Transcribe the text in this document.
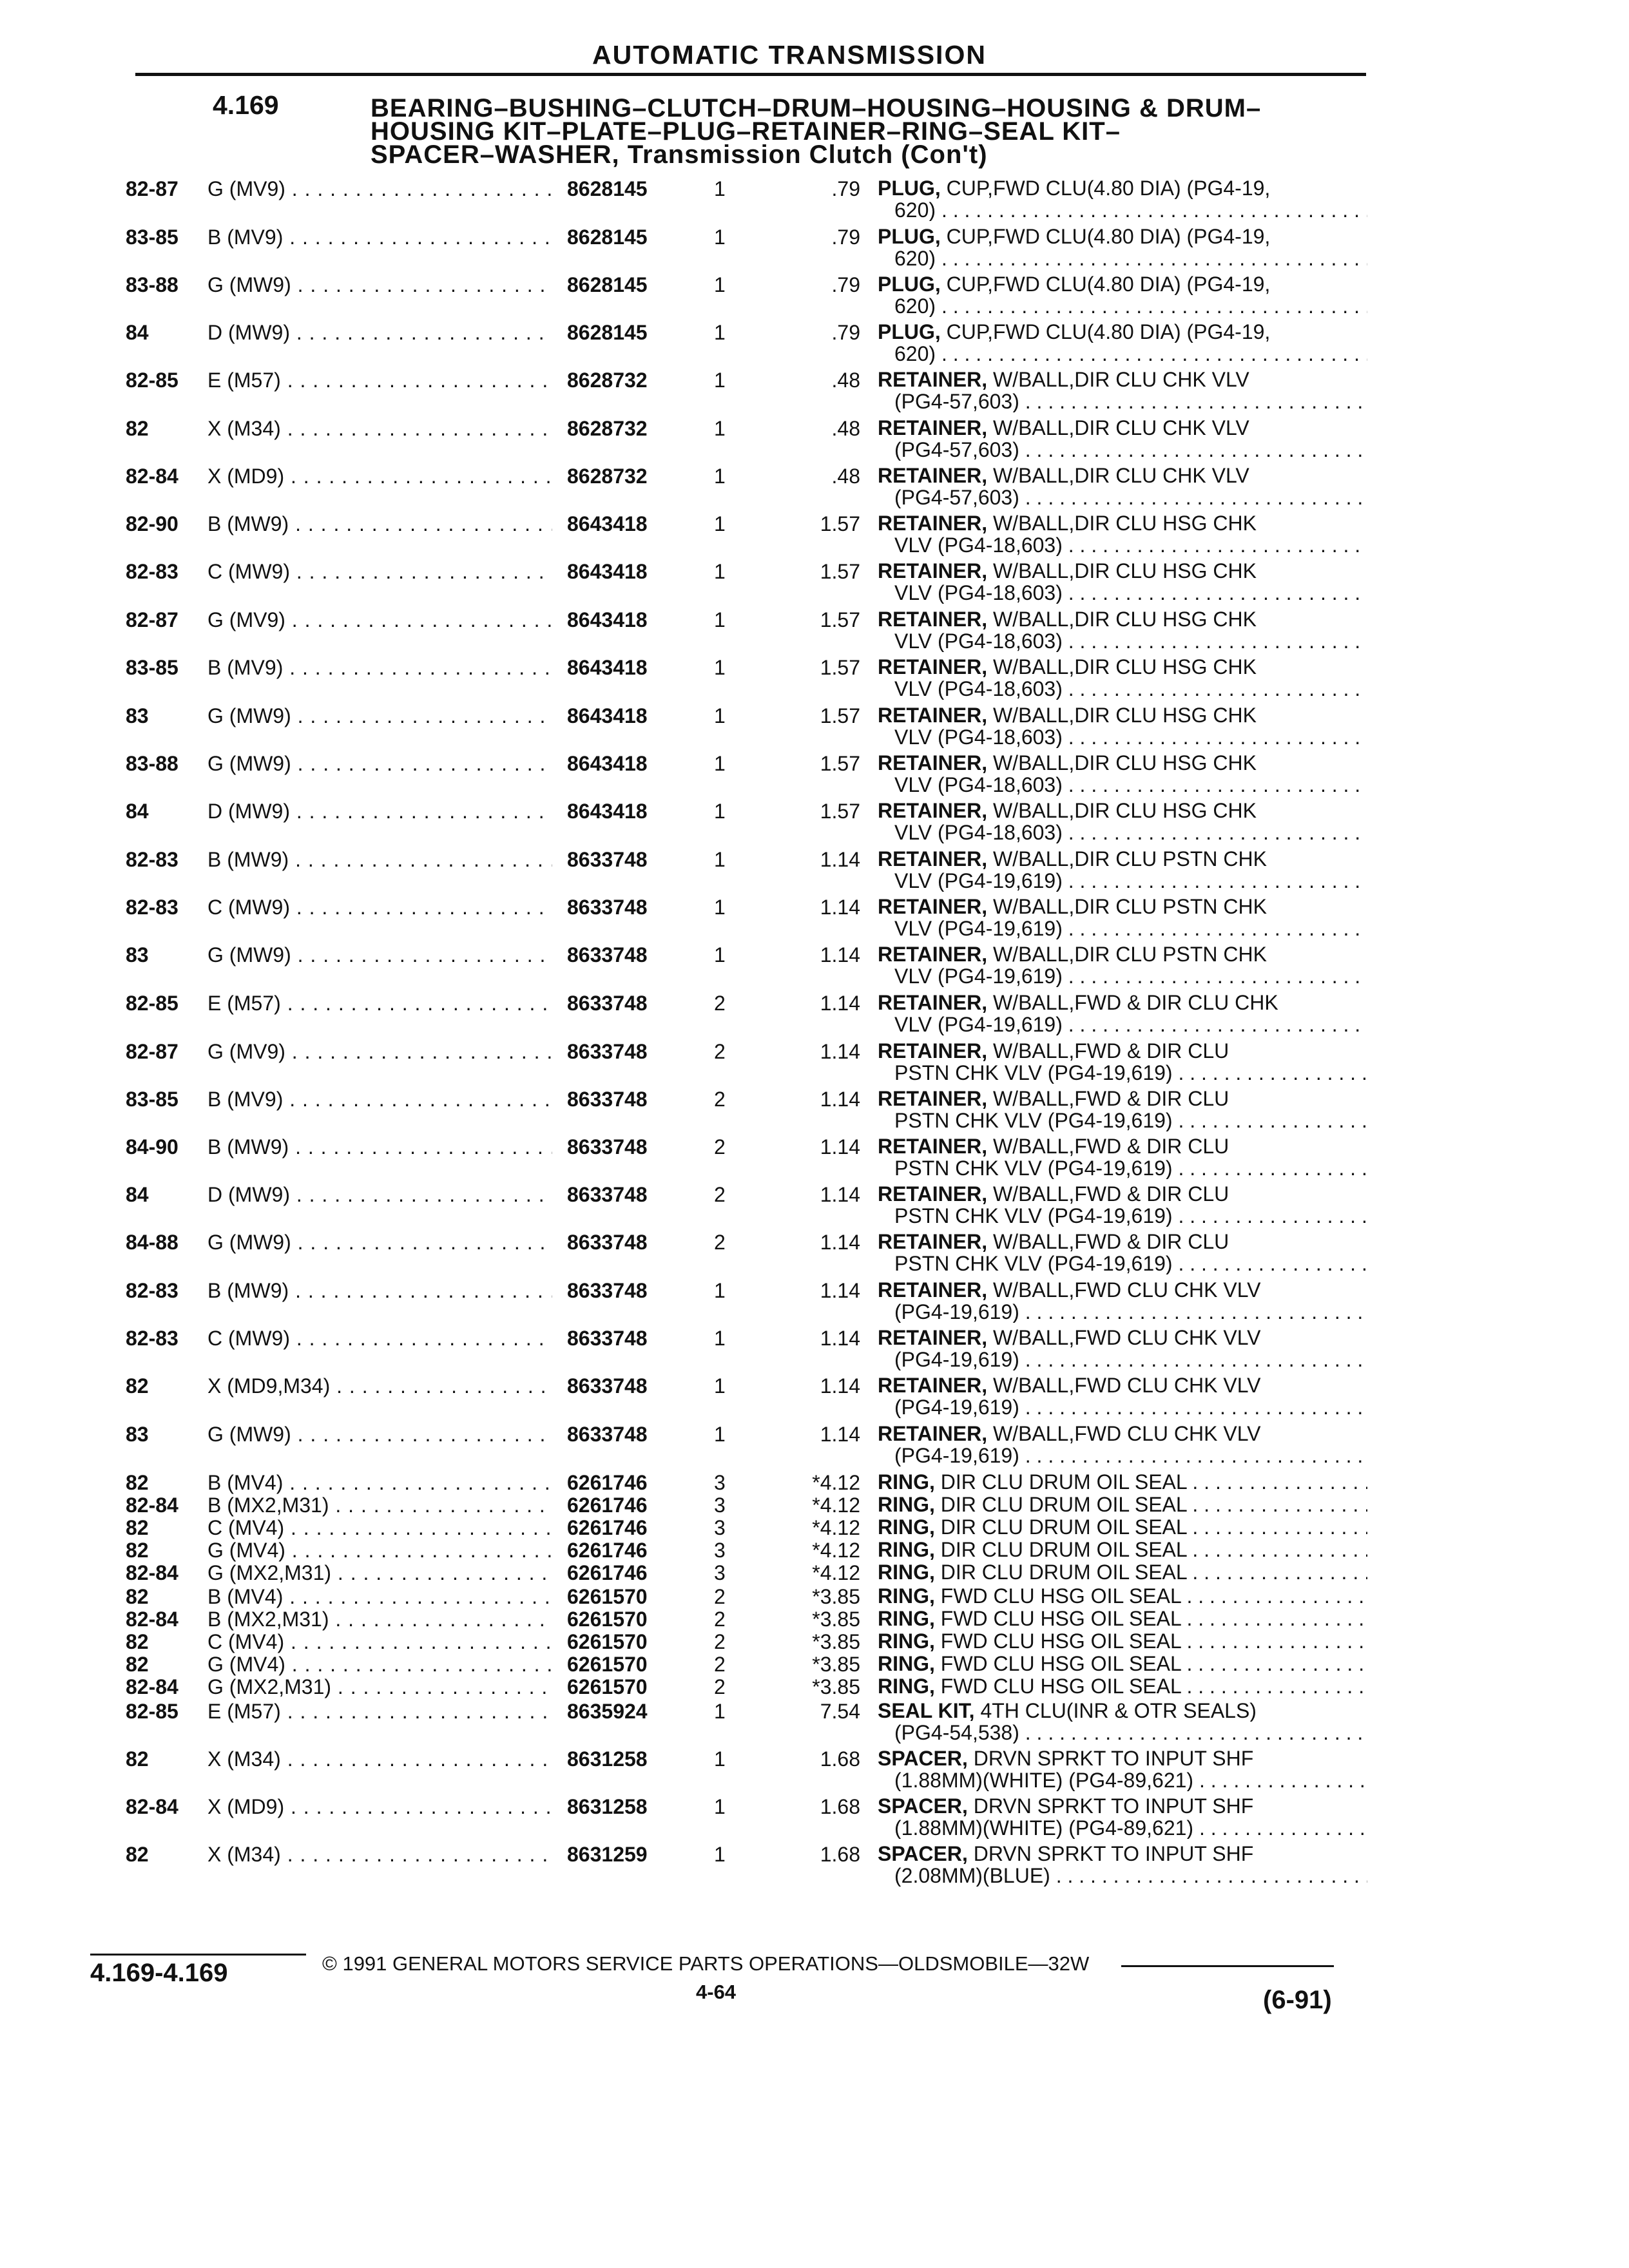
AUTOMATIC TRANSMISSION
4.169	BEARING–BUSHING–CLUTCH–DRUM–HOUSING–HOUSING & DRUM–
HOUSING KIT–PLATE–PLUG–RETAINER–RING–SEAL KIT–
SPACER–WASHER, Transmission Clutch (Con't)
82-87 G (MV9) . . .	8628145	1	.79 PLUG, CUP,FWD CLU(4.80 DIA) (PG4-19,
620) . . .
83-85 B (MV9) . . .	8628145	1	.79 PLUG, CUP,FWD CLU(4.80 DIA) (PG4-19,
620) . . .
83-88 G (MW9) . . .	8628145	1	.79 PLUG, CUP,FWD CLU(4.80 DIA) (PG4-19,
620) . . .
84	D (MW9) . . .	8628145	1	.79 PLUG, CUP,FWD CLU(4.80 DIA) (PG4-19,
620) . . .
82-85 E (M57) . . .	8628732	1	.48 RETAINER, W/BALL,DIR CLU CHK VLV
(PG4-57,603) . . .
82	X (M34) . . .	8628732	1	.48 RETAINER, W/BALL,DIR CLU CHK VLV
(PG4-57,603) . . .
82-84 X (MD9) . . .	8628732	1	.48 RETAINER, W/BALL,DIR CLU CHK VLV
(PG4-57,603) . . .
82-90 B (MW9) . . .	8643418	1	1.57 RETAINER, W/BALL,DIR CLU HSG CHK
VLV (PG4-18,603) . . .
82-83 C (MW9) . . .	8643418	1	1.57 RETAINER, W/BALL,DIR CLU HSG CHK
VLV (PG4-18,603) . . .
82-87 G (MV9) . . .	8643418	1	1.57 RETAINER, W/BALL,DIR CLU HSG CHK
VLV (PG4-18,603) . . .
83-85 B (MV9) . . .	8643418	1	1.57 RETAINER, W/BALL,DIR CLU HSG CHK
VLV (PG4-18,603) . . .
83	G (MW9) . . .	8643418	1	1.57 RETAINER, W/BALL,DIR CLU HSG CHK
VLV (PG4-18,603) . . .
83-88 G (MW9) . . .	8643418	1	1.57 RETAINER, W/BALL,DIR CLU HSG CHK
VLV (PG4-18,603) . . .
84	D (MW9) . . .	8643418	1	1.57 RETAINER, W/BALL,DIR CLU HSG CHK
VLV (PG4-18,603) . . .
82-83 B (MW9) . . .	8633748	1	1.14 RETAINER, W/BALL,DIR CLU PSTN CHK
VLV (PG4-19,619) . . .
82-83 C (MW9) . . .	8633748	1	1.14 RETAINER, W/BALL,DIR CLU PSTN CHK
VLV (PG4-19,619) . . .
83	G (MW9) . . .	8633748	1	1.14 RETAINER, W/BALL,DIR CLU PSTN CHK
VLV (PG4-19,619) . . .
82-85 E (M57) . . .	8633748	2	1.14 RETAINER, W/BALL,FWD & DIR CLU CHK
VLV (PG4-19,619) . . .
82-87 G (MV9) . . .	8633748	2	1.14 RETAINER, W/BALL,FWD & DIR CLU
PSTN CHK VLV (PG4-19,619) . . .
83-85 B (MV9) . . .	8633748	2	1.14 RETAINER, W/BALL,FWD & DIR CLU
PSTN CHK VLV (PG4-19,619) . . .
84-90 B (MW9) . . .	8633748	2	1.14 RETAINER, W/BALL,FWD & DIR CLU
PSTN CHK VLV (PG4-19,619) . . .
84	D (MW9) . . .	8633748	2	1.14 RETAINER, W/BALL,FWD & DIR CLU
PSTN CHK VLV (PG4-19,619) . . .
84-88 G (MW9) . . .	8633748	2	1.14 RETAINER, W/BALL,FWD & DIR CLU
PSTN CHK VLV (PG4-19,619) . . .
82-83 B (MW9) . . .	8633748	1	1.14 RETAINER, W/BALL,FWD CLU CHK VLV
(PG4-19,619) . . .
82-83 C (MW9) . . .	8633748	1	1.14 RETAINER, W/BALL,FWD CLU CHK VLV
(PG4-19,619) . . .
82	X (MD9,M34) . . .	8633748	1	1.14 RETAINER, W/BALL,FWD CLU CHK VLV
(PG4-19,619) . . .
83	G (MW9) . . .	8633748	1	1.14 RETAINER, W/BALL,FWD CLU CHK VLV
(PG4-19,619) . . .
82	B (MV4) . . .	6261746	3	*4.12 RING, DIR CLU DRUM OIL SEAL . . .
82-84 B (MX2,M31) . . .	6261746	3	*4.12 RING, DIR CLU DRUM OIL SEAL . . .
82	C (MV4) . . .	6261746	3	*4.12 RING, DIR CLU DRUM OIL SEAL . . .
82	G (MV4) . . .	6261746	3	*4.12 RING, DIR CLU DRUM OIL SEAL . . .
82-84 G (MX2,M31) . . .	6261746	3	*4.12 RING, DIR CLU DRUM OIL SEAL . . .
82	B (MV4) . . .	6261570	2	*3.85 RING, FWD CLU HSG OIL SEAL . . .
82-84 B (MX2,M31) . . .	6261570	2	*3.85 RING, FWD CLU HSG OIL SEAL . . .
82	C (MV4) . . .	6261570	2	*3.85 RING, FWD CLU HSG OIL SEAL . . .
82	G (MV4) . . .	6261570	2	*3.85 RING, FWD CLU HSG OIL SEAL . . .
82-84 G (MX2,M31) . . .	6261570	2	*3.85 RING, FWD CLU HSG OIL SEAL . . .
82-85 E (M57) . . .	8635924	1	7.54 SEAL KIT, 4TH CLU(INR & OTR SEALS)
(PG4-54,538) . . .
82	X (M34) . . .	8631258	1	1.68 SPACER, DRVN SPRKT TO INPUT SHF
(1.88MM)(WHITE) (PG4-89,621) . . .
82-84 X (MD9) . . .	8631258	1	1.68 SPACER, DRVN SPRKT TO INPUT SHF
(1.88MM)(WHITE) (PG4-89,621) . . .
82	X (M34) . . .	8631259	1	1.68 SPACER, DRVN SPRKT TO INPUT SHF
(2.08MM)(BLUE) . . .
4.169-4.169	© 1991 GENERAL MOTORS SERVICE PARTS OPERATIONS—OLDSMOBILE—32W
4-64	(6-91)
